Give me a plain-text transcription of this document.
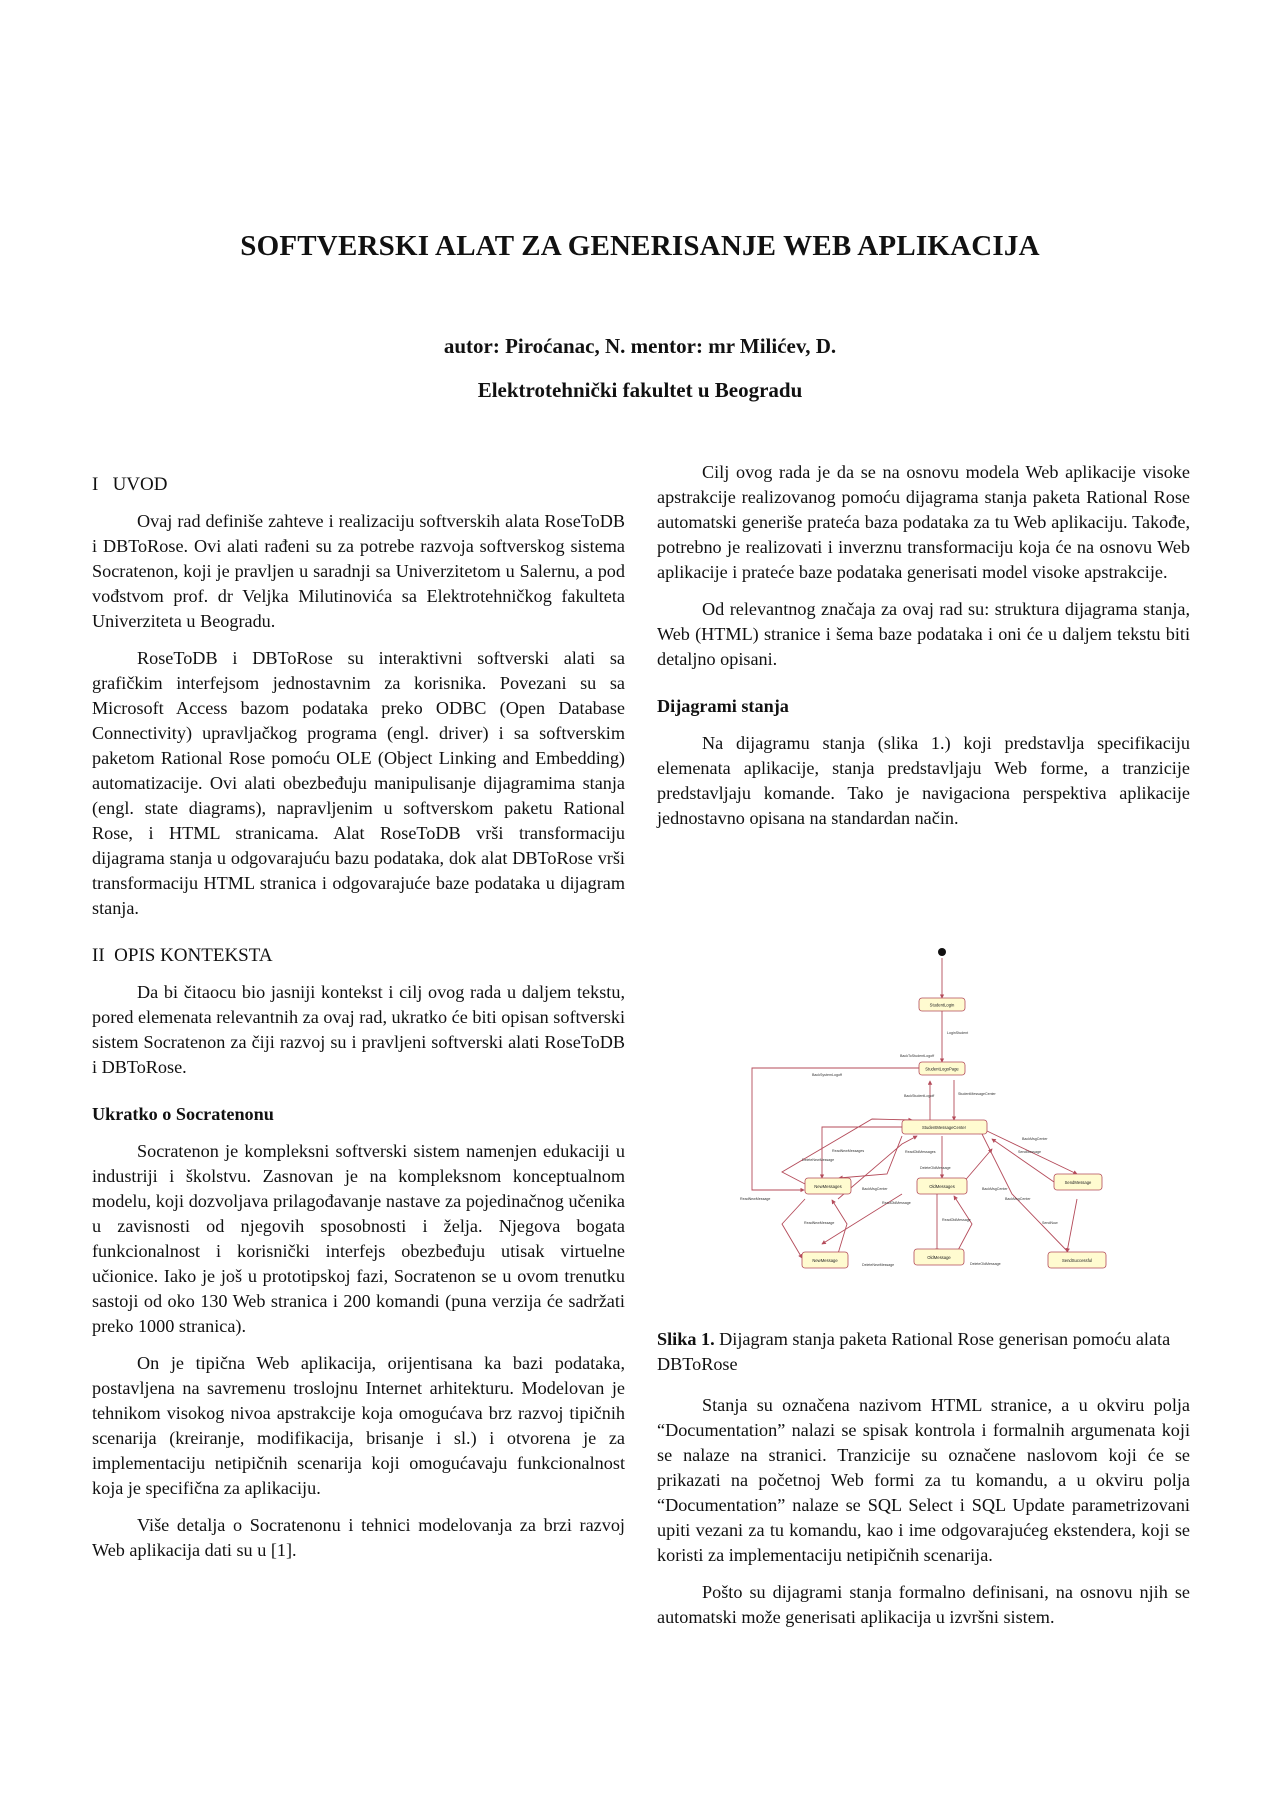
SOFTVERSKI ALAT ZA GENERISANJE WEB APLIKACIJA
autor: Piroćanac, N. mentor: mr Milićev, D.
Elektrotehnički fakultet u Beogradu
I   UVOD

Ovaj rad definiše zahteve i realizaciju softverskih alata RoseToDB i DBToRose. Ovi alati rađeni su za potrebe razvoja softverskog sistema Socratenon, koji je pravljen u saradnji sa Univerzitetom u Salernu, a pod vođstvom prof. dr Veljka Milutinovića sa Elektrotehničkog fakulteta Univerziteta u Beogradu.

RoseToDB i DBToRose su interaktivni softverski alati sa grafičkim interfejsom jednostavnim za korisnika. Povezani su sa Microsoft Access bazom podataka preko ODBC (Open Database Connectivity) upravljačkog programa (engl. driver) i sa softverskim paketom Rational Rose pomoću OLE (Object Linking and Embedding) automatizacije. Ovi alati obezbeđuju manipulisanje dijagramima stanja (engl. state diagrams), napravljenim u softverskom paketu Rational Rose, i HTML stranicama. Alat RoseToDB vrši transformaciju dijagrama stanja u odgovarajuću bazu podataka, dok alat DBToRose vrši transformaciju HTML stranica i odgovarajuće baze podataka u dijagram stanja.

II  OPIS KONTEKSTA

Da bi čitaocu bio jasniji kontekst i cilj ovog rada u daljem tekstu, pored elemenata relevantnih za ovaj rad, ukratko će biti opisan softverski sistem Socratenon za čiji razvoj su i pravljeni softverski alati RoseToDB i DBToRose.

Ukratko o Socratenonu

Socratenon je kompleksni softverski sistem namenjen edukaciji u industriji i školstvu. Zasnovan je na kompleksnom konceptualnom modelu, koji dozvoljava prilagođavanje nastave za pojedinačnog učenika u zavisnosti od njegovih sposobnosti i želja. Njegova bogata funkcionalnost i korisnički interfejs obezbeđuju utisak virtuelne učionice. Iako je još u prototipskoj fazi, Socratenon se u ovom trenutku sastoji od oko 130 Web stranica i 200 komandi (puna verzija će sadržati preko 1000 stranica).

On je tipična Web aplikacija, orijentisana ka bazi podataka, postavljena na savremenu troslojnu Internet arhitekturu. Modelovan je tehnikom visokog nivoa apstrakcije koja omogućava brz razvoj tipičnih scenarija (kreiranje, modifikacija, brisanje i sl.) i otvorena je za implementaciju netipičnih scenarija koji omogućavaju funkcionalnost koja je specifična za aplikaciju.

Više detalja o Socratenonu i tehnici modelovanja za brzi razvoj Web aplikacija dati su u [1].

Cilj ovog rada je da se na osnovu modela Web aplikacije visoke apstrakcije realizovanog pomoću dijagrama stanja paketa Rational Rose automatski generiše prateća baza podataka za tu Web aplikaciju. Takođe, potrebno je realizovati i inverznu transformaciju koja će na osnovu Web aplikacije i prateće baze podataka generisati model visoke apstrakcije.

Od relevantnog značaja za ovaj rad su: struktura dijagrama stanja, Web (HTML) stranice i šema baze podataka i oni će u daljem tekstu biti detaljno opisani.

Dijagrami stanja

Na dijagramu stanja (slika 1.) koji predstavlja specifikaciju elemenata aplikacije, stanja predstavljaju Web forme, a tranzicije predstavljaju komande. Tako je navigaciona perspektiva aplikacije jednostavno opisana na standardan način.

StudentLogin
StudentLogoPage
StudentMessageCenter
NewMessages	OldMessages
SendMessage
NewMessage
OldMessage
SendSuccessful
LoginStudent
BackToStudentLogoff
BackSystemLogoff
BackStudentLogoff	StudentMessageCenter
BackMsgCenter
ReadNewMessages	ReadOldMessages	SendMessage
DeleteOldMessage
DeleteNewMessage
BackMsgCenter
ReadNewMessage
ReadNewMessage
ReadOldMessage
BackMsgCenter
SendNow
BackMsgCenter
DeleteNewMessage
ReadOldMessage
DeleteOldMessage
Slika 1. Dijagram stanja paketa Rational Rose generisan pomoću alata DBToRose

Stanja su označena nazivom HTML stranice, a u okviru polja “Documentation” nalazi se spisak kontrola i formalnih argumenata koji se nalaze na stranici. Tranzicije su označene naslovom koji će se prikazati na početnoj Web formi za tu komandu, a u okviru polja “Documentation” nalaze se SQL Select i SQL Update parametrizovani upiti vezani za tu komandu, kao i ime odgovarajućeg ekstendera, koji se koristi za implementaciju netipičnih scenarija.

Pošto su dijagrami stanja formalno definisani, na osnovu njih se automatski može generisati aplikacija u izvršni sistem.
